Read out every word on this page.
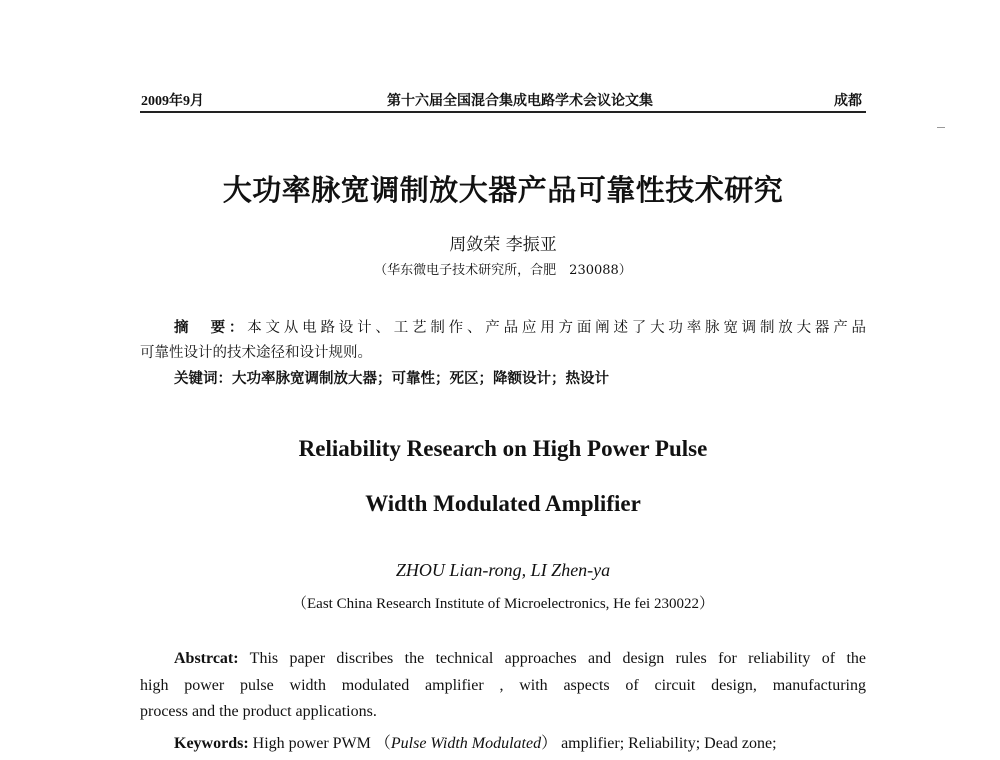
2009年9月	第十六届全国混合集成电路学术会议论文集	成都
大功率脉宽调制放大器产品可靠性技术研究
周敛荣 李振亚
（华东微电子技术研究所，合肥　230088）
摘　要：本文从电路设计、工艺制作、产品应用方面阐述了大功率脉宽调制放大器产品
可靠性设计的技术途径和设计规则。
关键词：大功率脉宽调制放大器；可靠性；死区；降额设计；热设计
Reliability Research on High Power Pulse
Width Modulated Amplifier
ZHOU Lian-rong, LI Zhen-ya
（East China Research Institute of Microelectronics, He fei 230022）
Abstrcat: This paper discribes the technical approaches and design rules for reliability of the
high power pulse width modulated amplifier , with aspects of circuit design, manufacturing
process and the product applications.
Keywords: High power PWM （Pulse Width Modulated） amplifier; Reliability; Dead zone;
